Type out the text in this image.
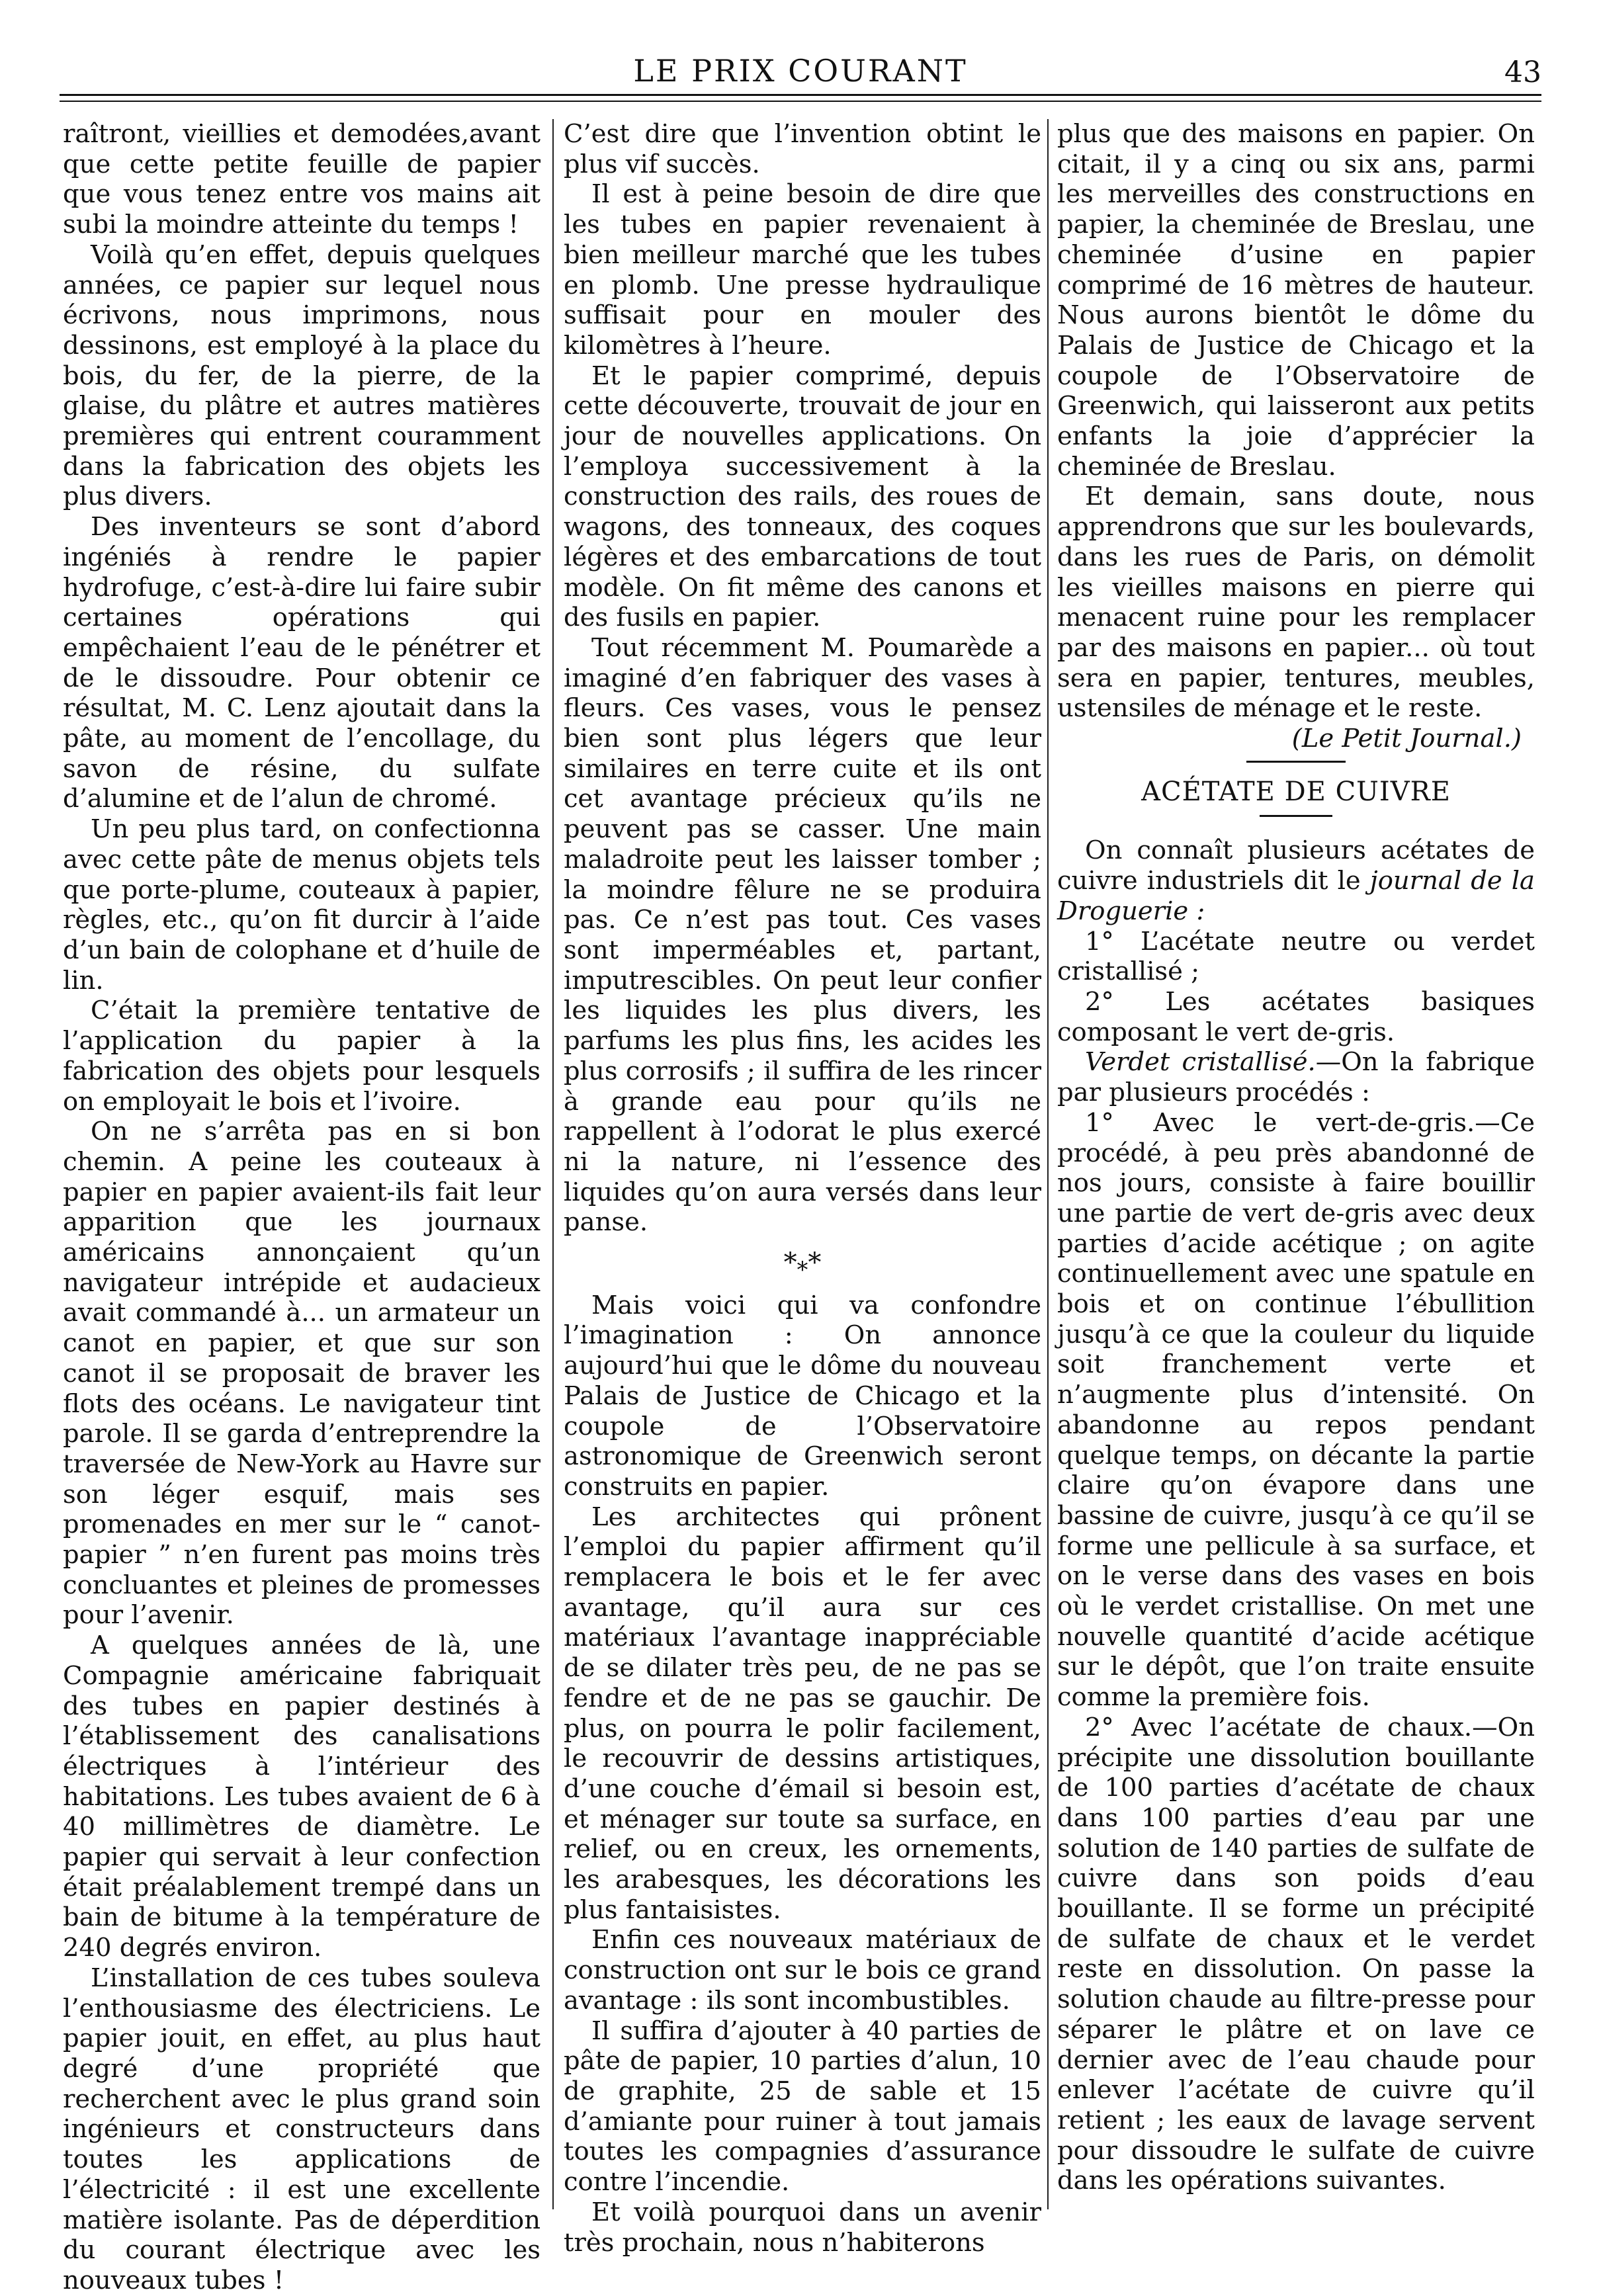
LE PRIX COURANT	43

raîtront, vieillies et demodées,avant que cette petite feuille de papier que vous tenez entre vos mains ait subi la moindre atteinte du temps !

Voilà qu’en effet, depuis quelques années, ce papier sur lequel nous écrivons, nous imprimons, nous dessinons, est employé à la place du bois, du fer, de la pierre, de la glaise, du plâtre et autres matières premières qui entrent couramment dans la fabrication des objets les plus divers.

Des inventeurs se sont d’abord ingéniés à rendre le papier hydrofuge, c’est-à-dire lui faire subir certaines opérations qui empêchaient l’eau de le pénétrer et de le dissoudre. Pour obtenir ce résultat, M. C. Lenz ajoutait dans la pâte, au moment de l’encollage, du savon de résine, du sulfate d’alumine et de l’alun de chromé.

Un peu plus tard, on confectionna avec cette pâte de menus objets tels que porte-plume, couteaux à papier, règles, etc., qu’on fit durcir à l’aide d’un bain de colophane et d’huile de lin.

C’était la première tentative de l’application du papier à la fabrication des objets pour lesquels on employait le bois et l’ivoire.

On ne s’arrêta pas en si bon chemin. A peine les couteaux à papier en papier avaient-ils fait leur apparition que les journaux américains annonçaient qu’un navigateur intrépide et audacieux avait commandé à... un armateur un canot en papier, et que sur son canot il se proposait de braver les flots des océans. Le navigateur tint parole. Il se garda d’entreprendre la traversée de New-York au Havre sur son léger esquif, mais ses promenades en mer sur le “ canot-papier ” n’en furent pas moins très concluantes et pleines de promesses pour l’avenir.

A quelques années de là, une Compagnie américaine fabriquait des tubes en papier destinés à l’établissement des canalisations électriques à l’intérieur des habitations. Les tubes avaient de 6 à 40 millimètres de diamètre. Le papier qui servait à leur confection était préalablement trempé dans un bain de bitume à la température de 240 degrés environ.

L’installation de ces tubes souleva l’enthousiasme des électriciens. Le papier jouit, en effet, au plus haut degré d’une propriété que recherchent avec le plus grand soin ingénieurs et constructeurs dans toutes les applications de l’électricité : il est une excellente matière isolante. Pas de déperdition du courant électrique avec les nouveaux tubes !

C’est dire que l’invention obtint le plus vif succès.

Il est à peine besoin de dire que les tubes en papier revenaient à bien meilleur marché que les tubes en plomb. Une presse hydraulique suffisait pour en mouler des kilomètres à l’heure.

Et le papier comprimé, depuis cette découverte, trouvait de jour en jour de nouvelles applications. On l’employa successivement à la construction des rails, des roues de wagons, des tonneaux, des coques légères et des embarcations de tout modèle. On fit même des canons et des fusils en papier.

Tout récemment M. Poumarède a imaginé d’en fabriquer des vases à fleurs. Ces vases, vous le pensez bien sont plus légers que leur similaires en terre cuite et ils ont cet avantage précieux qu’ils ne peuvent pas se casser. Une main maladroite peut les laisser tomber ; la moindre fêlure ne se produira pas. Ce n’est pas tout. Ces vases sont imperméables et, partant, imputrescibles. On peut leur confier les liquides les plus divers, les parfums les plus fins, les acides les plus corrosifs ; il suffira de les rincer à grande eau pour qu’ils ne rappellent à l’odorat le plus exercé ni la nature, ni l’essence des liquides qu’on aura versés dans leur panse.

$*_**$

Mais voici qui va confondre l’imagination : On annonce aujourd’hui que le dôme du nouveau Palais de Justice de Chicago et la coupole de l’Observatoire astronomique de Greenwich seront construits en papier.

Les architectes qui prônent l’emploi du papier affirment qu’il remplacera le bois et le fer avec avantage, qu’il aura sur ces matériaux l’avantage inappréciable de se dilater très peu, de ne pas se fendre et de ne pas se gauchir. De plus, on pourra le polir facilement, le recouvrir de dessins artistiques, d’une couche d’émail si besoin est, et ménager sur toute sa surface, en relief, ou en creux, les ornements, les arabesques, les décorations les plus fantaisistes.

Enfin ces nouveaux matériaux de construction ont sur le bois ce grand avantage : ils sont incombustibles.

Il suffira d’ajouter à 40 parties de pâte de papier, 10 parties d’alun, 10 de graphite, 25 de sable et 15 d’amiante pour ruiner à tout jamais toutes les compagnies d’assurance contre l’incendie.

Et voilà pourquoi dans un avenir très prochain, nous n’habiterons

plus que des maisons en papier. On citait, il y a cinq ou six ans, parmi les merveilles des constructions en papier, la cheminée de Breslau, une cheminée d’usine en papier comprimé de 16 mètres de hauteur. Nous aurons bientôt le dôme du Palais de Justice de Chicago et la coupole de l’Observatoire de Greenwich, qui laisseront aux petits enfants la joie d’apprécier la cheminée de Breslau.

Et demain, sans doute, nous apprendrons que sur les boulevards, dans les rues de Paris, on démolit les vieilles maisons en pierre qui menacent ruine pour les remplacer par des maisons en papier... où tout sera en papier, tentures, meubles, ustensiles de ménage et le reste.

(Le Petit Journal.)

ACÉTATE DE CUIVRE

On connaît plusieurs acétates de cuivre industriels dit le journal de la Droguerie :

1° L’acétate neutre ou verdet cristallisé ;

2° Les acétates basiques composant le vert de-gris.

Verdet cristallisé.—On la fabrique par plusieurs procédés :

1° Avec le vert-de-gris.—Ce procédé, à peu près abandonné de nos jours, consiste à faire bouillir une partie de vert de-gris avec deux parties d’acide acétique ; on agite continuellement avec une spatule en bois et on continue l’ébullition jusqu’à ce que la couleur du liquide soit franchement verte et n’augmente plus d’intensité. On abandonne au repos pendant quelque temps, on décante la partie claire qu’on évapore dans une bassine de cuivre, jusqu’à ce qu’il se forme une pellicule à sa surface, et on le verse dans des vases en bois où le verdet cristallise. On met une nouvelle quantité d’acide acétique sur le dépôt, que l’on traite ensuite comme la première fois.

2° Avec l’acétate de chaux.—On précipite une dissolution bouillante de 100 parties d’acétate de chaux dans 100 parties d’eau par une solution de 140 parties de sulfate de cuivre dans son poids d’eau bouillante. Il se forme un précipité de sulfate de chaux et le verdet reste en dissolution. On passe la solution chaude au filtre-presse pour séparer le plâtre et on lave ce dernier avec de l’eau chaude pour enlever l’acétate de cuivre qu’il retient ; les eaux de lavage servent pour dissoudre le sulfate de cuivre dans les opérations suivantes.
